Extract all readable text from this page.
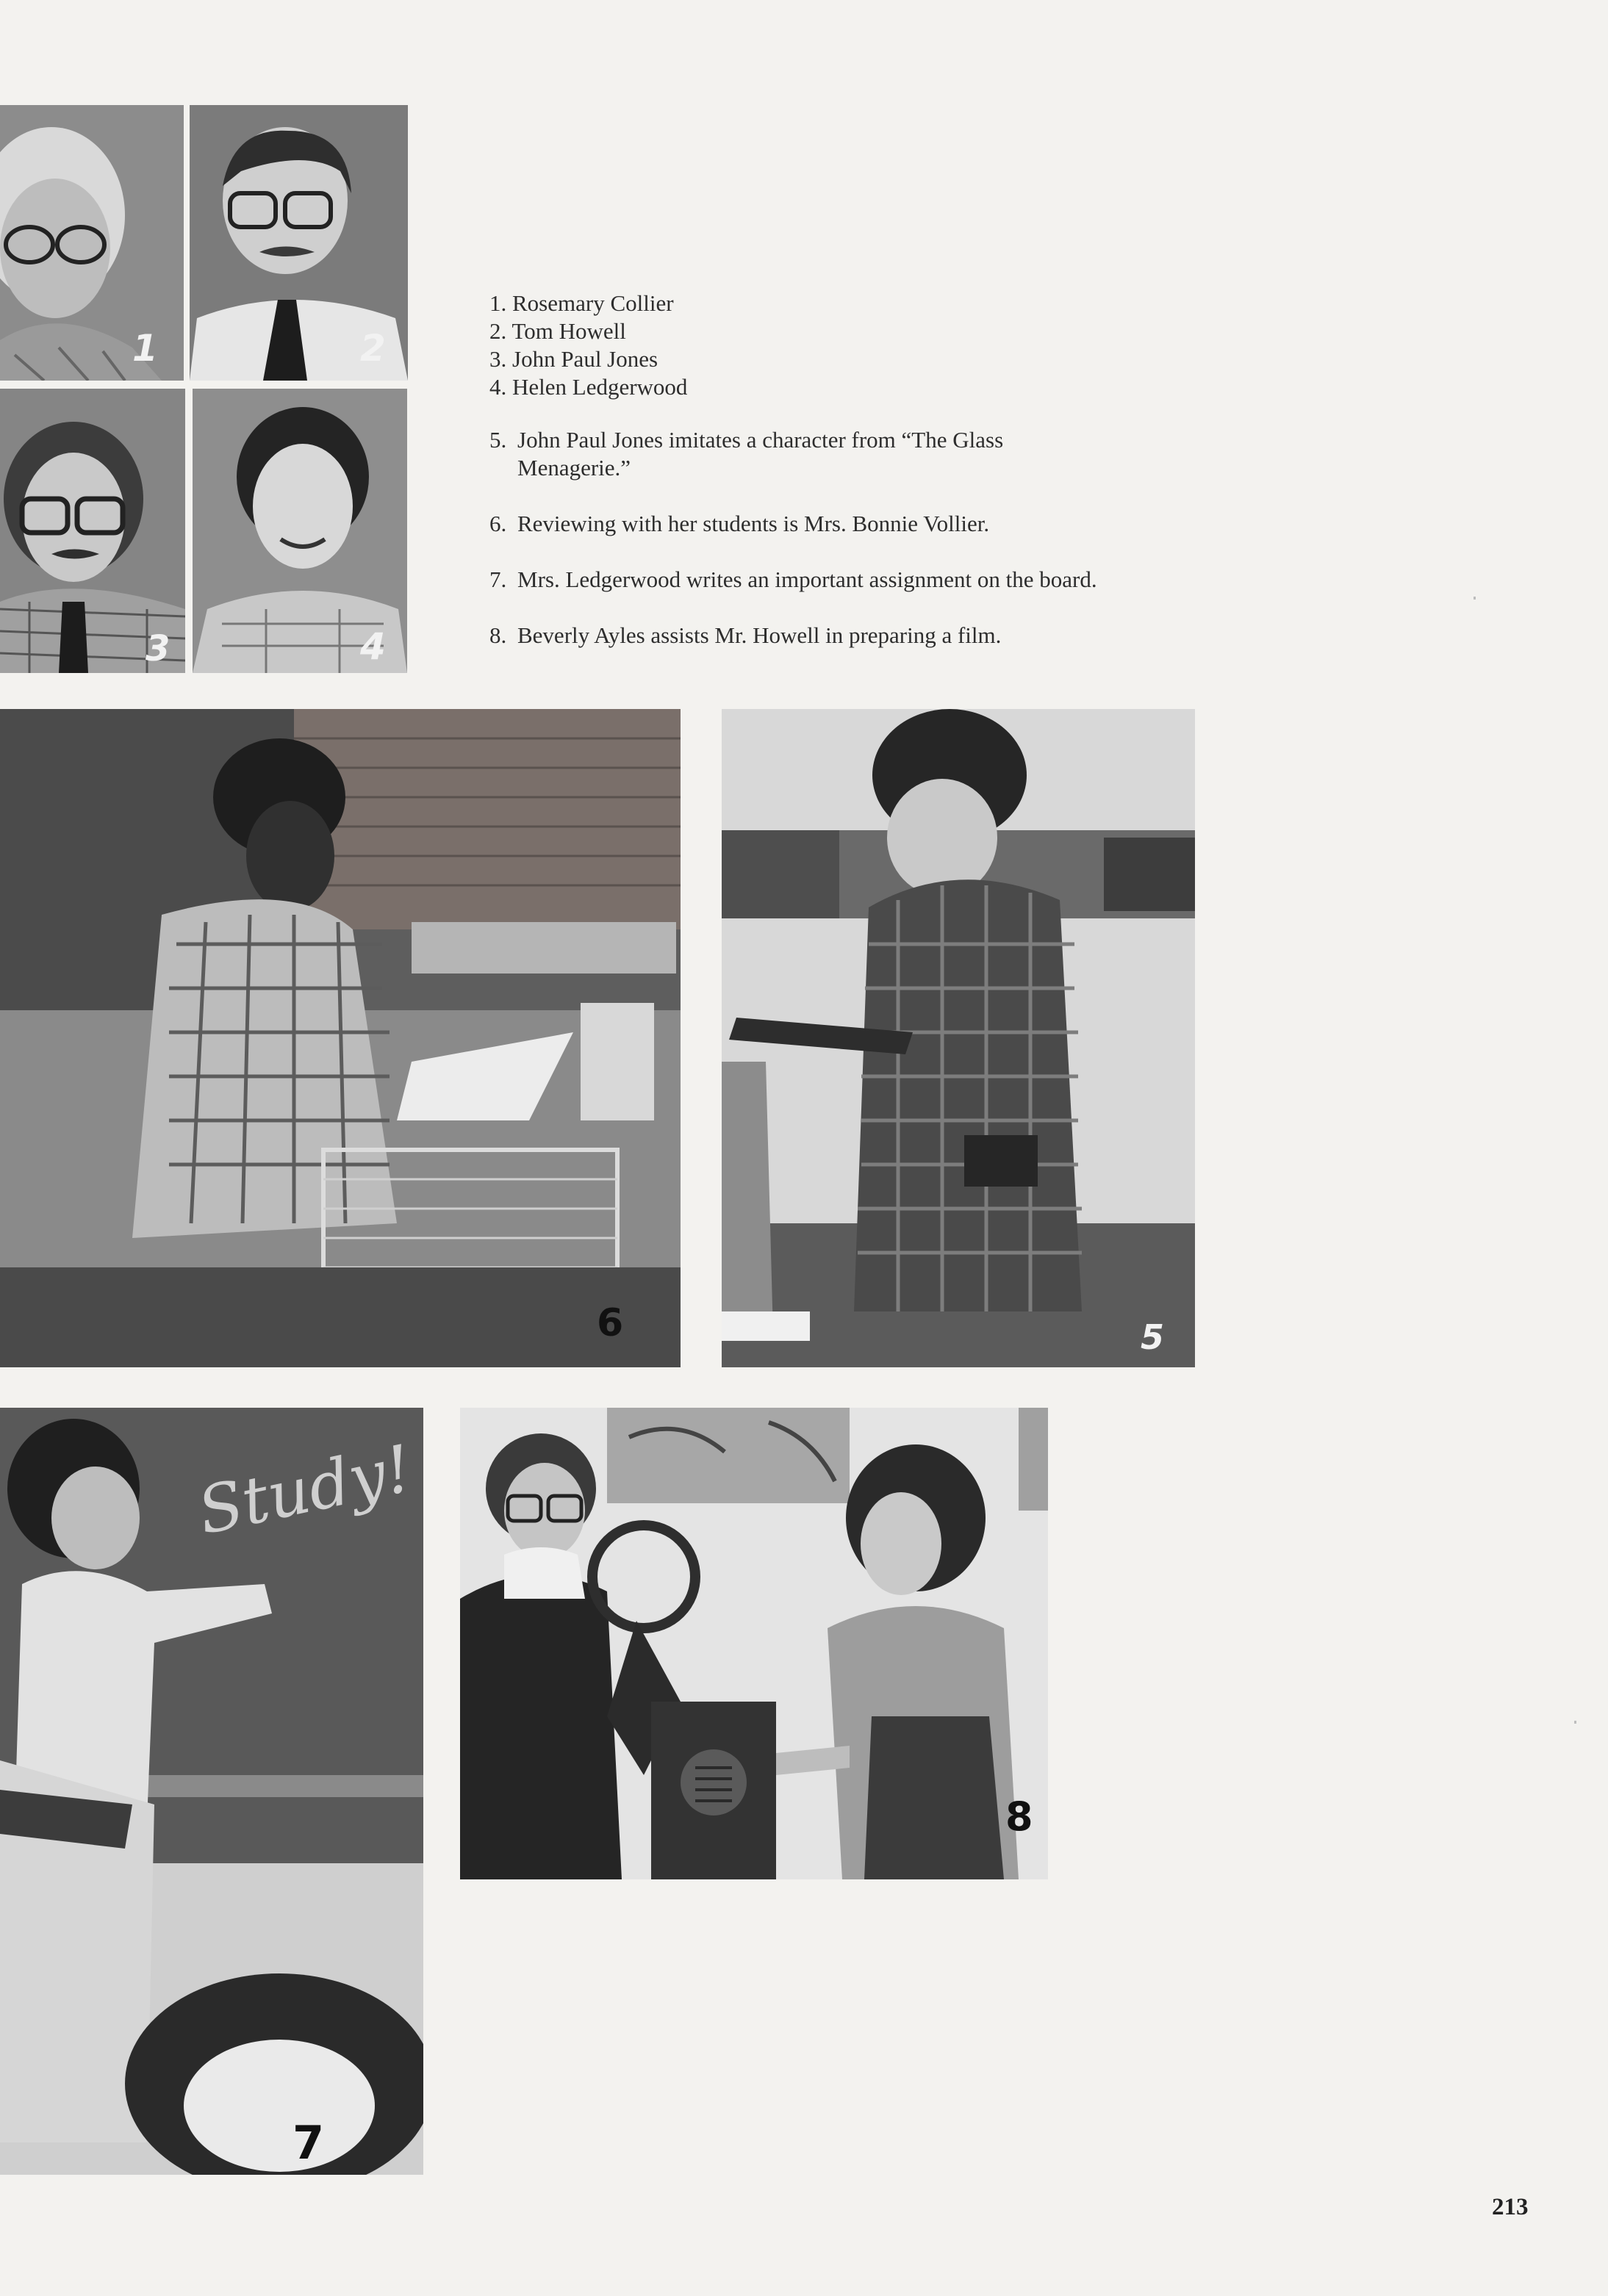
1	2
3	4
1. Rosemary Collier
2. Tom Howell
3. John Paul Jones
4. Helen Ledgerwood
5. John Paul Jones imitates a character from “The Glass Menagerie.”
6. Reviewing with her students is Mrs. Bonnie Vollier.
7. Mrs. Ledgerwood writes an important assignment on the board.
8. Beverly Ayles assists Mr. Howell in preparing a film.
6	5
Study!
7
8
213
